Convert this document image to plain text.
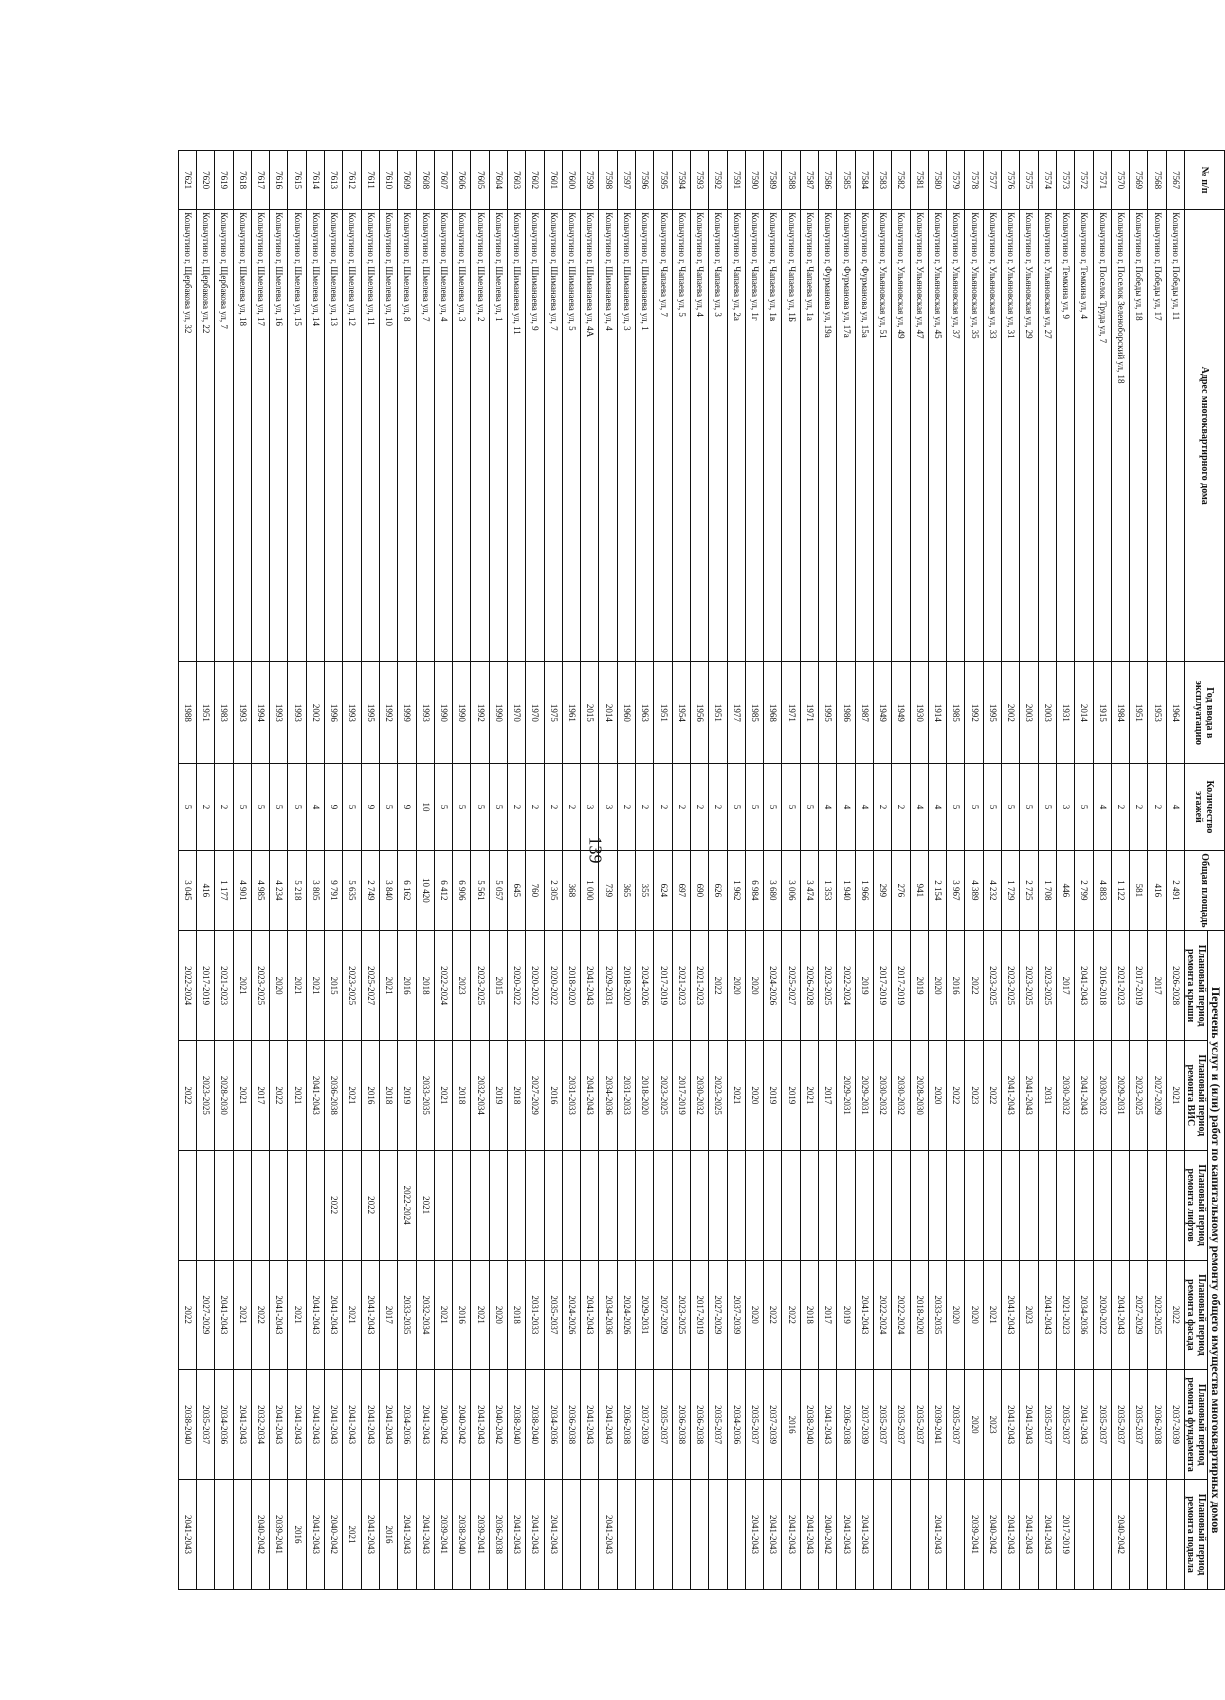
139
№ п/п	Адрес многоквартирного дома	Год ввода в эксплуатацию	Количество этажей	Общая площадь	Перечень услуг и (или) работ по капитальному ремонту общего имущества многоквартирных домов					
					Плановый период ремонта крыши	Плановый период ремонта ВИС	Плановый период ремонта лифтов	Плановый период ремонта фасада	Плановый период ремонта фундамента	Плановый период ремонта подвала
7567	Кольчугино г, Победы ул, 11	1964	4	2 491	2026-2028	2021		2022	2037-2039	
7568	Кольчугино г, Победы ул, 17	1953	2	416	2017	2027-2029		2023-2025	2036-2038	
7569	Кольчугино г, Победы ул, 18	1951	2	581	2017-2019	2023-2025		2027-2029	2035-2037	
7570	Кольчугино г, Поселок Зеленоборский ул, 18	1984	2	1 122	2021-2023	2029-2031		2041-2043	2035-2037	2040-2042
7571	Кольчугино г, Поселок Труда ул, 7	1915	4	4 883	2016-2018	2030-2032		2020-2022	2035-2037	
7572	Кольчугино г, Темкина ул, 4	2014	5	2 799	2041-2043	2041-2043		2034-2036	2041-2043	
7573	Кольчугино г, Темкина ул, 9	1931	3	446	2017	2030-2032		2021-2023	2035-2037	2017-2019
7574	Кольчугино г, Ульяновская ул, 27	2003	5	1 708	2023-2025	2031		2041-2043	2035-2037	2041-2043
7575	Кольчугино г, Ульяновская ул, 29	2003	5	2 725	2023-2025	2041-2043		2023	2041-2043	2041-2043
7576	Кольчугино г, Ульяновская ул, 31	2002	5	1 729	2023-2025	2041-2043		2041-2043	2041-2043	2041-2043
7577	Кольчугино г, Ульяновская ул, 33	1995	5	4 232	2023-2025	2022		2021	2023	2040-2042
7578	Кольчугино г, Ульяновская ул, 35	1992	5	4 389	2022	2023		2020	2020	2039-2041
7579	Кольчугино г, Ульяновская ул, 37	1985	5	3 967	2016	2022		2020	2035-2037	
7580	Кольчугино г, Ульяновская ул, 45	1914	4	2 154	2020	2020		2033-2035	2039-2041	2041-2043
7581	Кольчугино г, Ульяновская ул, 47	1930	4	941	2019	2028-2030		2018-2020	2035-2037	
7582	Кольчугино г, Ульяновская ул, 49	1949	2	276	2017-2019	2030-2032		2022-2024	2035-2037	
7583	Кольчугино г, Ульяновская ул, 51	1949	2	299	2017-2019	2030-2032		2022-2024	2035-2037	
7584	Кольчугино г, Фурманова ул, 15а	1987	4	1 966	2019	2029-2031		2041-2043	2037-2039	2041-2043
7585	Кольчугино г, Фурманова ул, 17а	1986	4	1 940	2022-2024	2029-2031		2019	2036-2038	2041-2043
7586	Кольчугино г, Фурманова ул, 19а	1995	4	1 353	2023-2025	2017		2017	2041-2043	2040-2042
7587	Кольчугино г, Чапаева ул, 1а	1971	5	3 474	2026-2028	2021		2018	2038-2040	2041-2043
7588	Кольчугино г, Чапаева ул, 1Б	1971	5	3 006	2025-2027	2019		2022	2016	2041-2043
7589	Кольчугино г, Чапаева ул, 1в	1968	5	3 680	2024-2026	2019		2022	2037-2039	2041-2043
7590	Кольчугино г, Чапаева ул, 1г	1985	5	6 984	2020	2020		2020	2035-2037	2041-2043
7591	Кольчугино г, Чапаева ул, 2а	1977	5	1 962	2020	2021		2037-2039	2034-2036	
7592	Кольчугино г, Чапаева ул, 3	1951	2	626	2022	2023-2025		2027-2029	2035-2037	
7593	Кольчугино г, Чапаева ул, 4	1956	2	690	2021-2023	2030-2032		2017-2019	2036-2038	
7594	Кольчугино г, Чапаева ул, 5	1954	2	697	2021-2023	2017-2019		2023-2025	2036-2038	
7595	Кольчугино г, Чапаева ул, 7	1951	2	624	2017-2019	2023-2025		2027-2029	2035-2037	
7596	Кольчугино г, Шиманаева ул, 1	1963	2	355	2024-2026	2018-2020		2029-2031	2037-2039	
7597	Кольчугино г, Шиманаева ул, 3	1960	2	365	2018-2020	2031-2033		2024-2026	2036-2038	
7598	Кольчугино г, Шиманаева ул, 4	2014	3	739	2029-2031	2034-2036		2034-2036	2041-2043	2041-2043
7599	Кольчугино г, Шиманаева ул, 4А	2015	3	1 000	2041-2043	2041-2043		2041-2043	2041-2043	
7600	Кольчугино г, Шиманаева ул, 5	1961	2	368	2018-2020	2031-2033		2024-2026	2036-2038	
7601	Кольчугино г, Шиманаева ул, 7	1975	2	2 305	2020-2022	2016		2035-2037	2034-2036	2041-2043
7602	Кольчугино г, Шиманаева ул, 9	1970	2	760	2020-2022	2027-2029		2031-2033	2038-2040	2041-2043
7603	Кольчугино г, Шиманаева ул, 11	1970	2	645	2020-2022	2018		2018	2038-2040	2041-2043
7604	Кольчугино г, Шмелева ул, 1	1990	5	5 057	2015	2019		2020	2040-2042	2036-2038
7605	Кольчугино г, Шмелева ул, 2	1992	5	5 561	2023-2025	2032-2034		2021	2041-2043	2039-2041
7606	Кольчугино г, Шмелева ул, 3	1990	5	6 906	2023	2018		2016	2040-2042	2038-2040
7607	Кольчугино г, Шмелева ул, 4	1990	5	6 412	2022-2024	2021		2021	2040-2042	2039-2041
7608	Кольчугино г, Шмелева ул, 7	1993	10	10 420	2018	2033-2035	2021	2032-2034	2041-2043	2041-2043
7609	Кольчугино г, Шмелева ул, 8	1999	9	6 162	2016	2019	2022-2024	2033-2035	2034-2036	2041-2043
7610	Кольчугино г, Шмелева ул, 10	1992	5	3 840	2021	2018		2017	2041-2043	2016
7611	Кольчугино г, Шмелева ул, 11	1995	9	2 749	2025-2027	2016	2022	2041-2043	2041-2043	2041-2043
7612	Кольчугино г, Шмелева ул, 12	1993	5	5 635	2023-2025	2021		2021	2041-2043	2021
7613	Кольчугино г, Шмелева ул, 13	1996	9	9 791	2015	2036-2038	2022	2041-2043	2041-2043	2040-2042
7614	Кольчугино г, Шмелева ул, 14	2002	4	3 805	2021	2041-2043		2041-2043	2041-2043	2041-2043
7615	Кольчугино г, Шмелева ул, 15	1993	5	5 218	2021	2021		2021	2041-2043	2016
7616	Кольчугино г, Шмелева ул, 16	1993	5	4 234	2020	2022		2041-2043	2041-2043	2039-2041
7617	Кольчугино г, Шмелева ул, 17	1994	5	4 985	2023-2025	2017		2022	2032-2034	2040-2042
7618	Кольчугино г, Шмелева ул, 18	1993	5	4 901	2021	2021		2021	2041-2043	
7619	Кольчугино г, Щербакова ул, 7	1983	2	1 177	2021-2023	2028-2030		2041-2043	2034-2036	
7620	Кольчугино г, Щербакова ул, 22	1951	2	416	2017-2019	2023-2025		2027-2029	2035-2037	
7621	Кольчугино г, Щербакова ул, 32	1988	5	3 045	2022-2024	2022		2022	2038-2040	2041-2043
